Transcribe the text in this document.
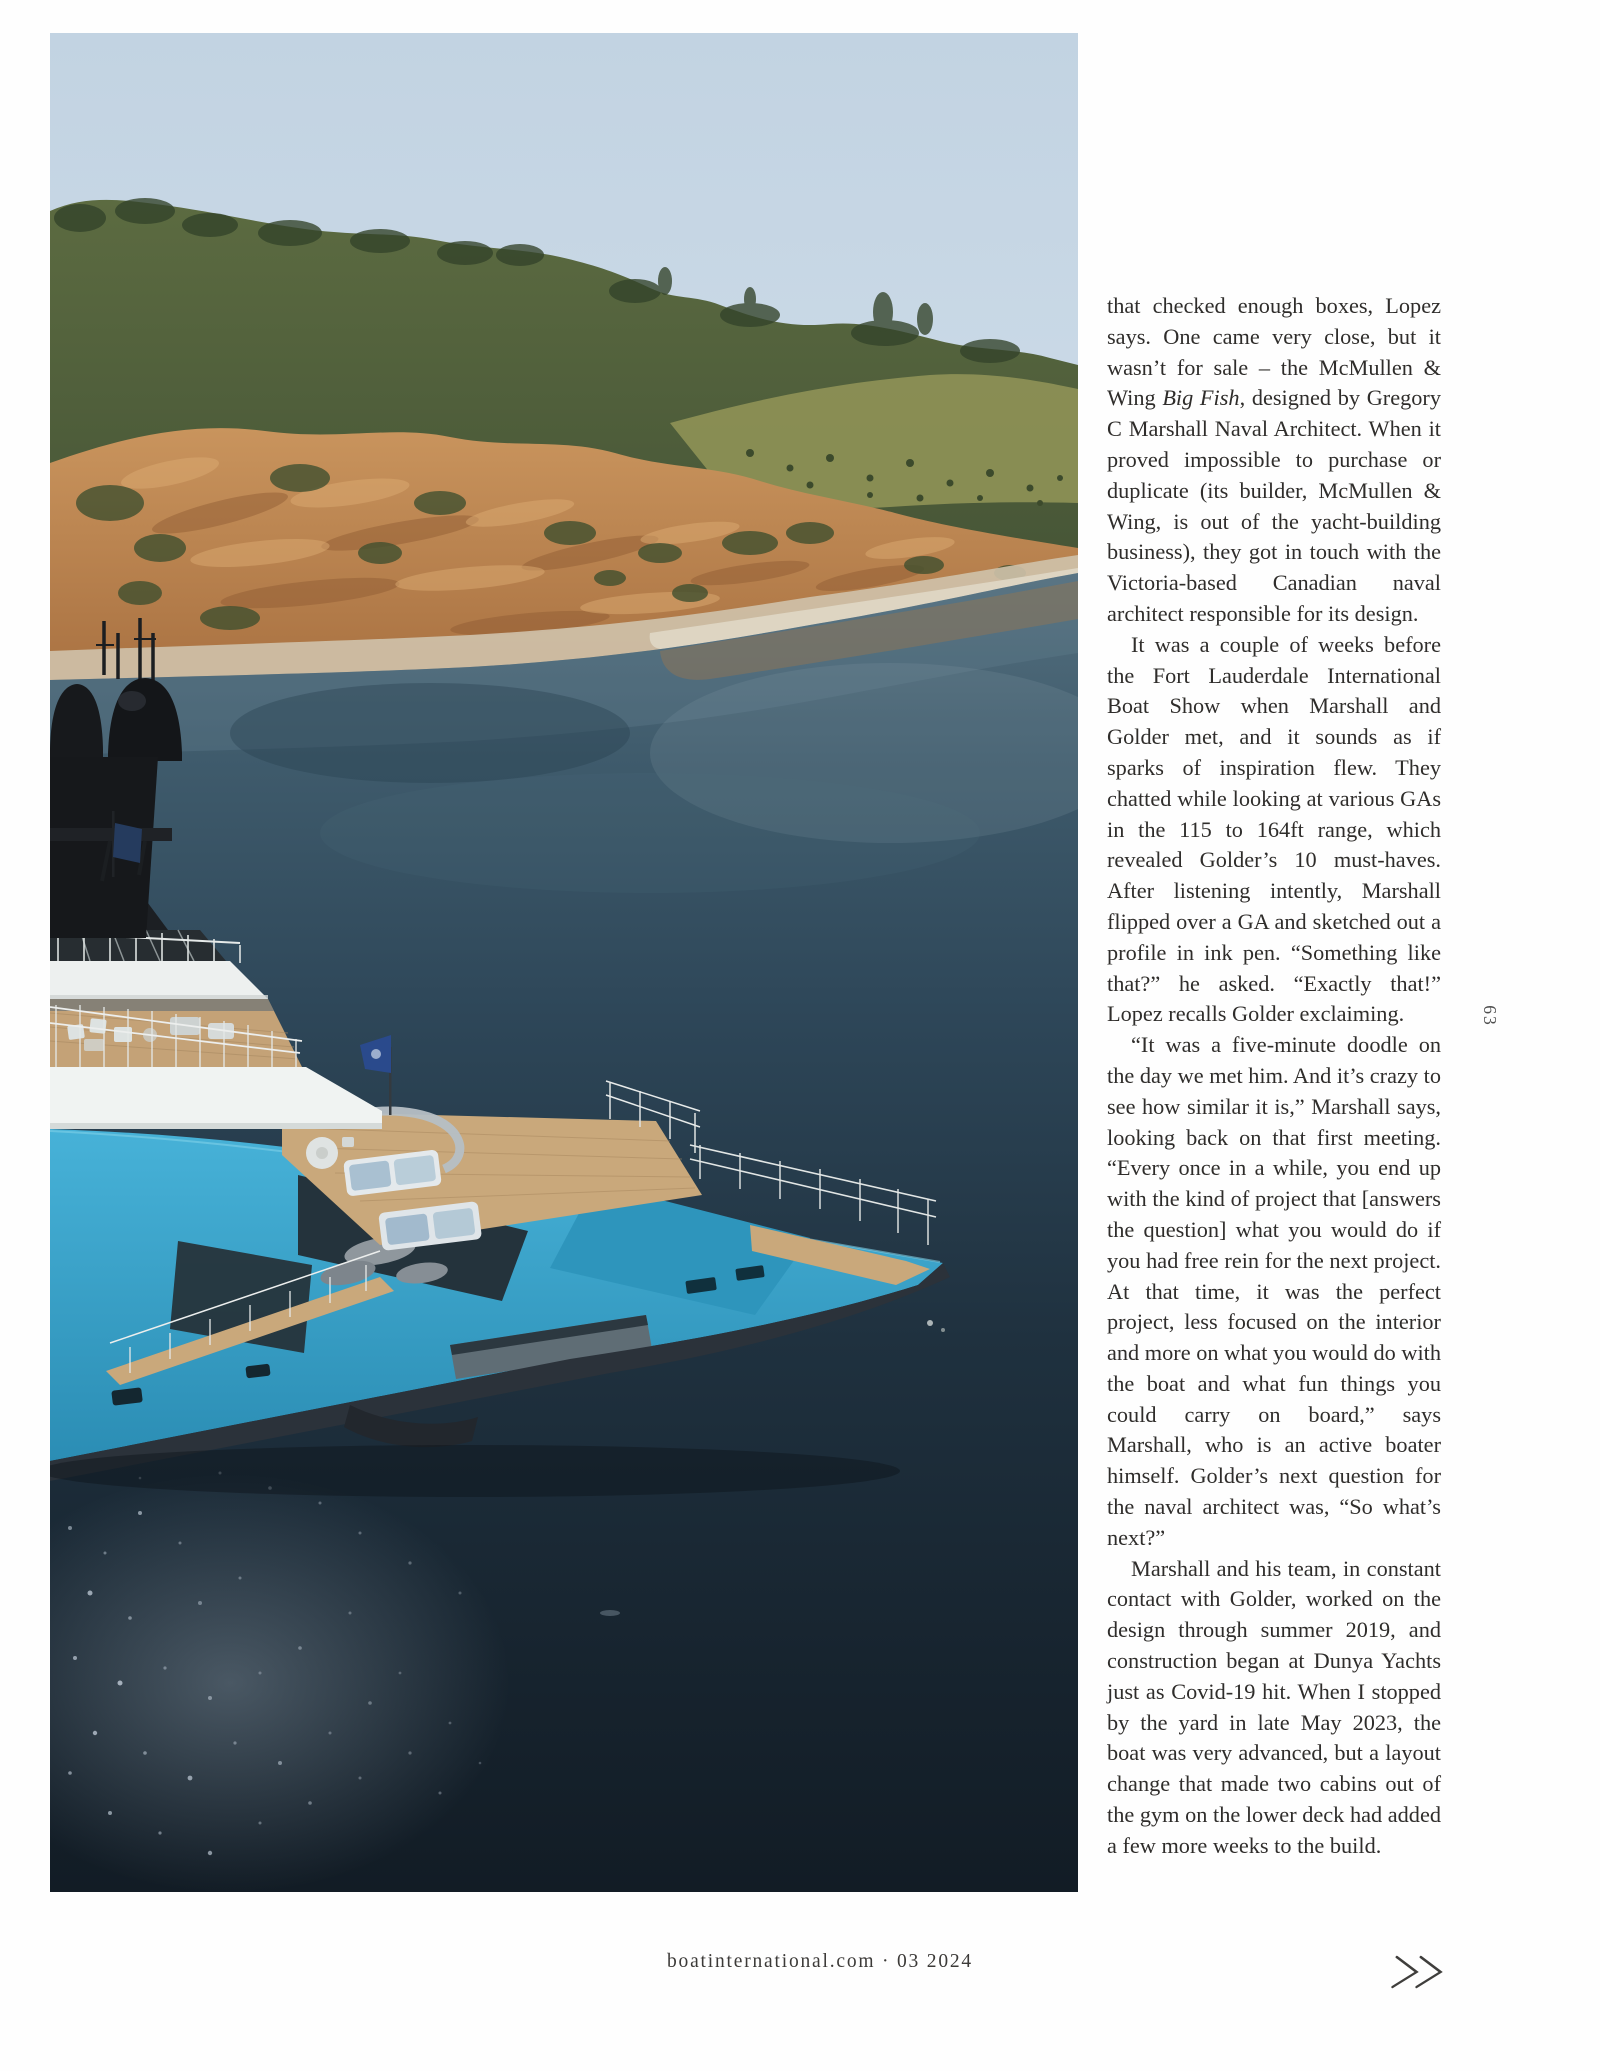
that checked enough boxes, Lopez says. One came very close, but it wasn’t for sale – the McMullen & Wing Big Fish, designed by Gregory C Marshall Naval Architect. When it proved impossible to purchase or duplicate (its builder, McMullen & Wing, is out of the yacht-building business), they got in touch with the Victoria-based Canadian naval architect responsible for its design.

It was a couple of weeks before the Fort Lauderdale International Boat Show when Marshall and Golder met, and it sounds as if sparks of inspiration flew. They chatted while looking at various GAs in the 115 to 164ft range, which revealed Golder’s 10 must-haves. After listening intently, Marshall flipped over a GA and sketched out a profile in ink pen. “Something like that?” he asked. “Exactly that!” Lopez recalls Golder exclaiming.

“It was a five-minute doodle on the day we met him. And it’s crazy to see how similar it is,” Marshall says, looking back on that first meeting. “Every once in a while, you end up with the kind of project that [answers the question] what you would do if you had free rein for the next project. At that time, it was the perfect project, less focused on the interior and more on what you would do with the boat and what fun things you could carry on board,” says Marshall, who is an active boater himself. Golder’s next question for the naval architect was, “So what’s next?”

Marshall and his team, in constant contact with Golder, worked on the design through summer 2019, and construction began at Dunya Yachts just as Covid-19 hit. When I stopped by the yard in late May 2023, the boat was very advanced, but a layout change that made two cabins out of the gym on the lower deck had added a few more weeks to the build.

63
boatinternational.com · 03 2024
